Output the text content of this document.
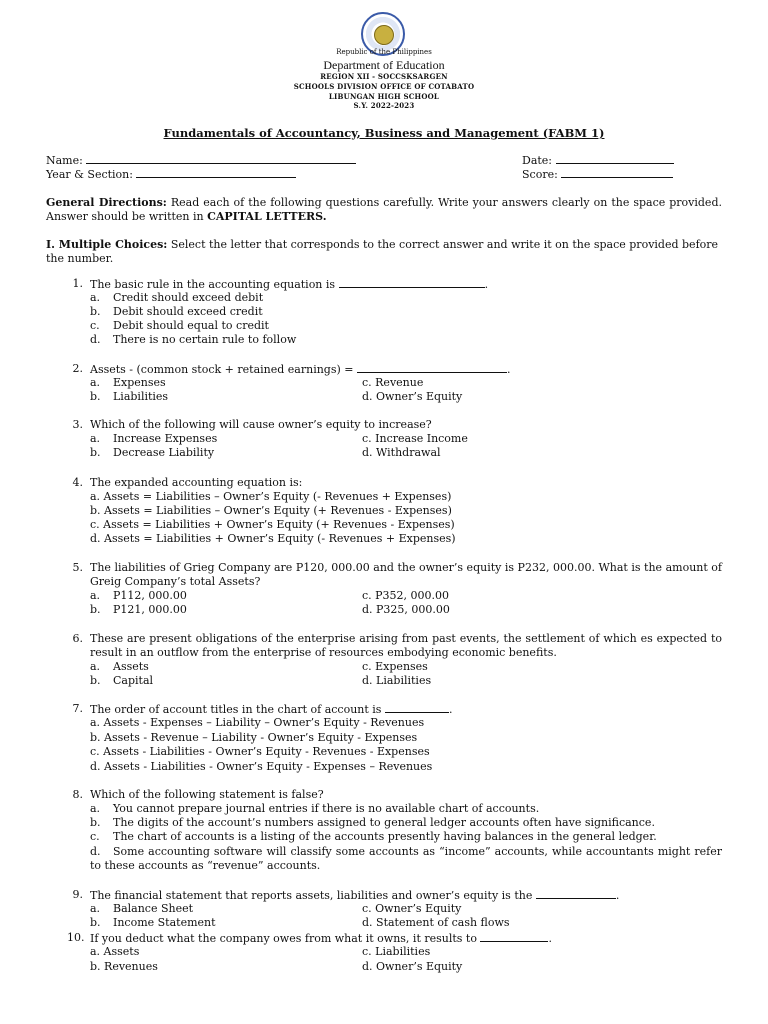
Republic of the Philippines
Department of Education
REGION XII - SOCCSKSARGEN
SCHOOLS DIVISION OFFICE OF COTABATO
LIBUNGAN HIGH SCHOOL
S.Y. 2022-2023
Fundamentals of Accountancy, Business and Management (FABM 1)
Name:	Date:
Year & Section:	Score:
General Directions: Read each of the following questions carefully. Write your answers clearly on the space provided. Answer should be written in CAPITAL LETTERS.
I. Multiple Choices: Select the letter that corresponds to the correct answer and write it on the space provided before the number.
1. The basic rule in the accounting equation is	.
a. Credit should exceed debit
b. Debit should exceed credit
c. Debit should equal to credit
d. There is no certain rule to follow
2. Assets - (common stock + retained earnings) =	.
a. Expenses	c. Revenue
b. Liabilities	d. Owner’s Equity
3. Which of the following will cause owner’s equity to increase?
a. Increase Expenses	c. Increase Income
b. Decrease Liability	d. Withdrawal
4. The expanded accounting equation is:
a. Assets = Liabilities – Owner’s Equity (- Revenues + Expenses)
b. Assets = Liabilities – Owner’s Equity (+ Revenues - Expenses)
c. Assets = Liabilities + Owner’s Equity (+ Revenues - Expenses)
d. Assets = Liabilities + Owner’s Equity (- Revenues + Expenses)
5. The liabilities of Grieg Company are P120, 000.00 and the owner’s equity is P232, 000.00. What is the amount of Greig Company’s total Assets?
a. P112, 000.00	c. P352, 000.00
b. P121, 000.00	d. P325, 000.00
6. These are present obligations of the enterprise arising from past events, the settlement of which es expected to result in an outflow from the enterprise of resources embodying economic benefits.
a. Assets	c. Expenses
b. Capital	d. Liabilities
7. The order of account titles in the chart of account is	.
a. Assets - Expenses – Liability – Owner’s Equity - Revenues
b. Assets - Revenue – Liability - Owner’s Equity - Expenses
c. Assets - Liabilities - Owner’s Equity - Revenues - Expenses
d. Assets - Liabilities - Owner’s Equity - Expenses – Revenues
8. Which of the following statement is false?
a. You cannot prepare journal entries if there is no available chart of accounts.
b. The digits of the account’s numbers assigned to general ledger accounts often have significance.
c. The chart of accounts is a listing of the accounts presently having balances in the general ledger.
d. Some accounting software will classify some accounts as “income” accounts, while accountants might refer to these accounts as “revenue” accounts.
9. The financial statement that reports assets, liabilities and owner’s equity is the	.
a. Balance Sheet	c. Owner’s Equity
b. Income Statement	d. Statement of cash flows
10. If you deduct what the company owes from what it owns, it results to	.
a. Assets	c. Liabilities
b. Revenues	d. Owner’s Equity
